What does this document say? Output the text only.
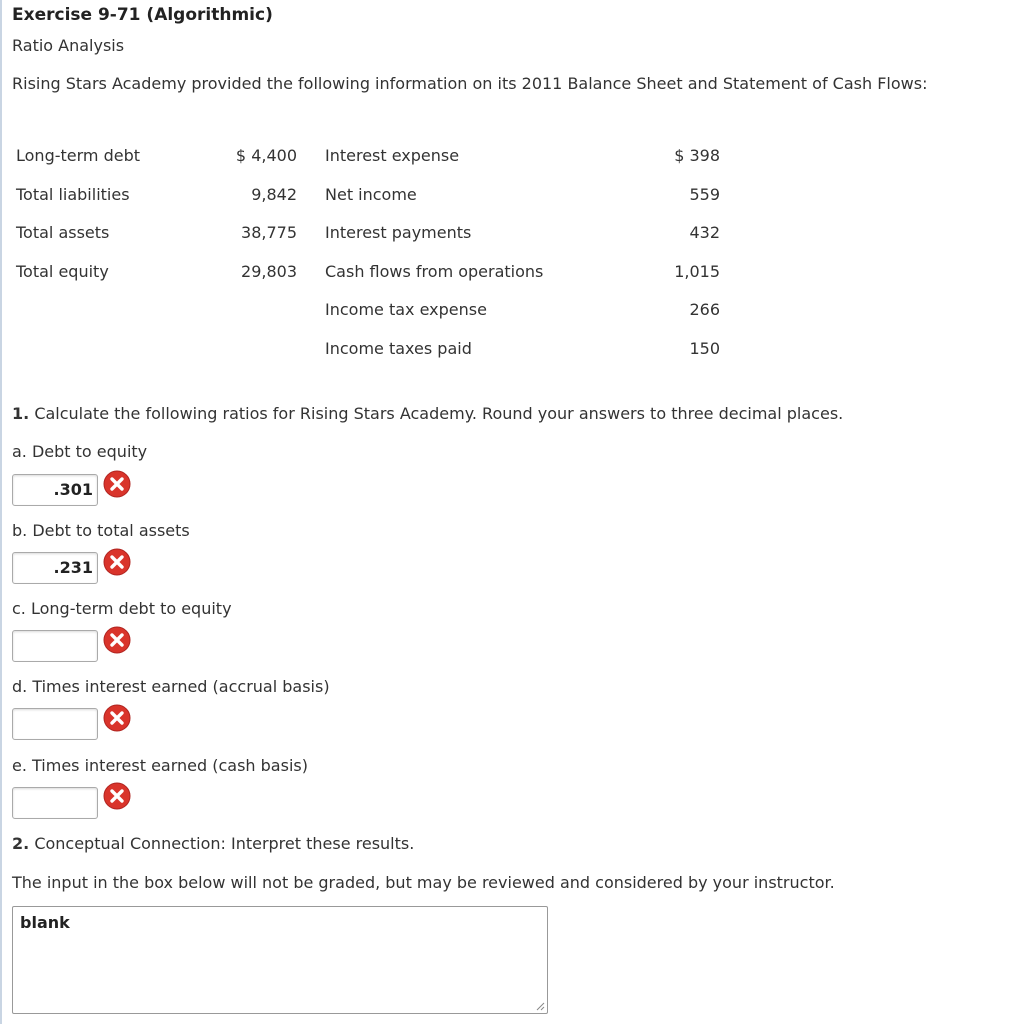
Exercise 9-71 (Algorithmic)
Ratio Analysis
Rising Stars Academy provided the following information on its 2011 Balance Sheet and Statement of Cash Flows:
Long-term debt	$ 4,400 Interest expense	$ 398
Total liabilities	9,842 Net income	559
Total assets	38,775 Interest payments	432
Total equity	29,803 Cash flows from operations	1,015
Income tax expense	266
Income taxes paid	150
1. Calculate the following ratios for Rising Stars Academy. Round your answers to three decimal places.
a. Debt to equity
.301
b. Debt to total assets
.231
c. Long-term debt to equity
d. Times interest earned (accrual basis)
e. Times interest earned (cash basis)
2. Conceptual Connection: Interpret these results.
The input in the box below will not be graded, but may be reviewed and considered by your instructor.
blank
